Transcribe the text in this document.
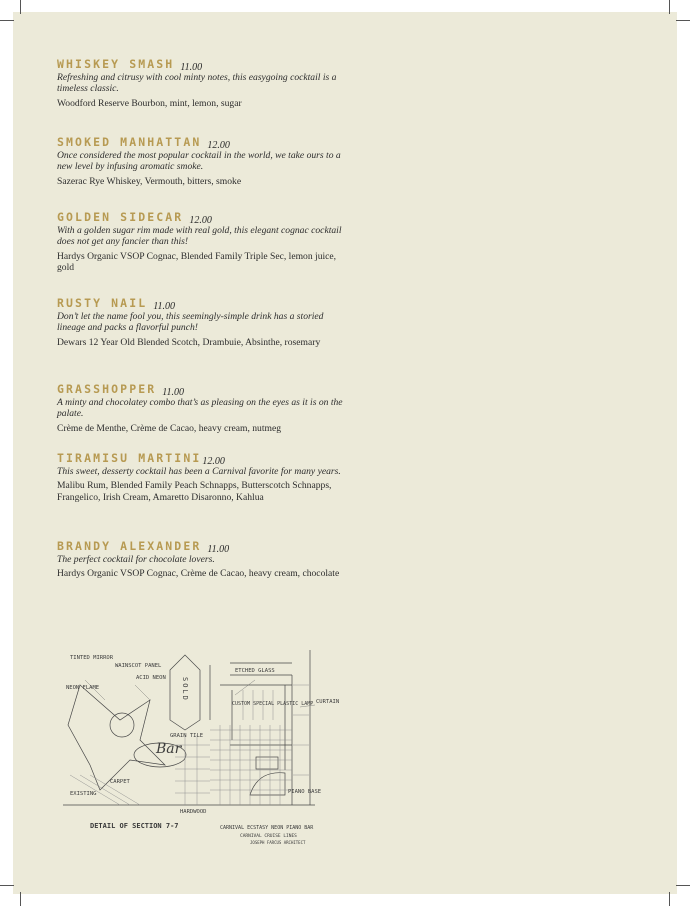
WHISKEY SMASH 11.00
Refreshing and citrusy with cool minty notes, this easygoing cocktail is a timeless classic.
Woodford Reserve Bourbon, mint, lemon, sugar
SMOKED MANHATTAN 12.00
Once considered the most popular cocktail in the world, we take ours to a new level by infusing aromatic smoke.
Sazerac Rye Whiskey, Vermouth, bitters, smoke
GOLDEN SIDECAR 12.00
With a golden sugar rim made with real gold, this elegant cognac cocktail does not get any fancier than this!
Hardys Organic VSOP Cognac, Blended Family Triple Sec, lemon juice, gold
RUSTY NAIL 11.00
Don’t let the name fool you, this seemingly-simple drink has a storied lineage and packs a flavorful punch!
Dewars 12 Year Old Blended Scotch, Drambuie, Absinthe, rosemary
GRASSHOPPER 11.00
A minty and chocolatey combo that’s as pleasing on the eyes as it is on the palate.
Crème de Menthe, Crème de Cacao, heavy cream, nutmeg
TIRAMISU MARTINI 12.00
This sweet, desserty cocktail has been a Carnival favorite for many years.
Malibu Rum, Blended Family Peach Schnapps, Butterscotch Schnapps, Frangelico, Irish Cream, Amaretto Disaronno, Kahlua
BRANDY ALEXANDER 11.00
The perfect cocktail for chocolate lovers.
Hardys Organic VSOP Cognac, Crème de Cacao, heavy cream, chocolate
TINTED MIRROR
WAINSCOT PANEL
NEON FLAME
ACID NEON
ETCHED GLASS
CUSTOM SPECIAL PLASTIC LAMP CURTAIN
GRAIN TILE
CARPET
PIANO BASE
HARDWOOD
EXISTING
Bar
SOLD
DETAIL OF SECTION 7-7	CARNIVAL ECSTASY NEON PIANO BAR
CARNIVAL CRUISE LINES
JOSEPH FARCUS ARCHITECT
